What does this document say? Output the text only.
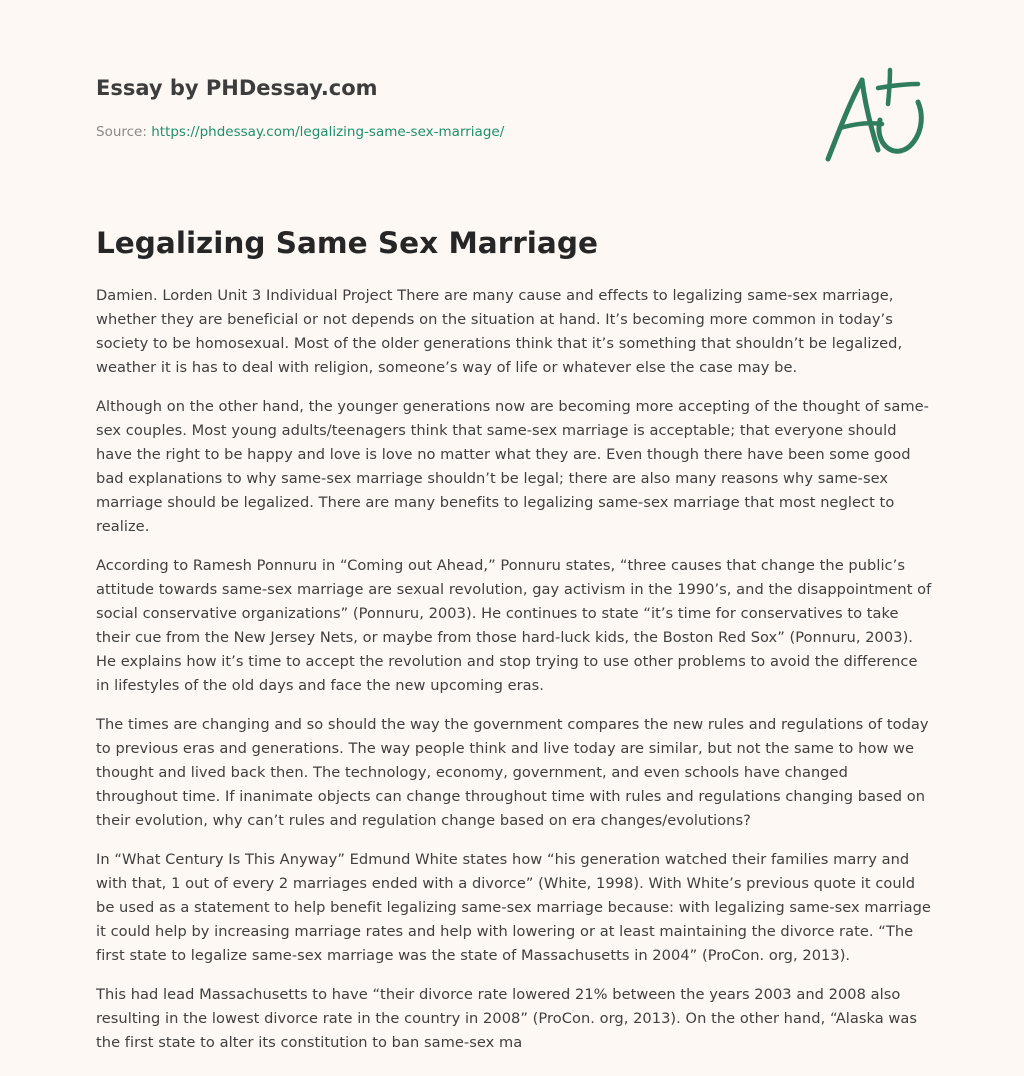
Essay by PHDessay.com
Source: https://phdessay.com/legalizing-same-sex-marriage/
Legalizing Same Sex Marriage

Damien. Lorden Unit 3 Individual Project There are many cause and effects to legalizing same-sex marriage, whether they are beneficial or not depends on the situation at hand. It’s becoming more common in today’s society to be homosexual. Most of the older generations think that it’s something that shouldn’t be legalized, weather it is has to deal with religion, someone’s way of life or whatever else the case may be.

Although on the other hand, the younger generations now are becoming more accepting of the thought of same-sex couples. Most young adults/teenagers think that same-sex marriage is acceptable; that everyone should have the right to be happy and love is love no matter what they are. Even though there have been some good bad explanations to why same-sex marriage shouldn’t be legal; there are also many reasons why same-sex marriage should be legalized. There are many benefits to legalizing same-sex marriage that most neglect to realize.

According to Ramesh Ponnuru in “Coming out Ahead,” Ponnuru states, “three causes that change the public’s attitude towards same-sex marriage are sexual revolution, gay activism in the 1990’s, and the disappointment of social conservative organizations” (Ponnuru, 2003). He continues to state “it’s time for conservatives to take their cue from the New Jersey Nets, or maybe from those hard-luck kids, the Boston Red Sox” (Ponnuru, 2003). He explains how it’s time to accept the revolution and stop trying to use other problems to avoid the difference in lifestyles of the old days and face the new upcoming eras.

The times are changing and so should the way the government compares the new rules and regulations of today to previous eras and generations. The way people think and live today are similar, but not the same to how we thought and lived back then. The technology, economy, government, and even schools have changed throughout time. If inanimate objects can change throughout time with rules and regulations changing based on their evolution, why can’t rules and regulation change based on era changes/evolutions?

In “What Century Is This Anyway” Edmund White states how “his generation watched their families marry and with that, 1 out of every 2 marriages ended with a divorce” (White, 1998). With White’s previous quote it could be used as a statement to help benefit legalizing same-sex marriage because: with legalizing same-sex marriage it could help by increasing marriage rates and help with lowering or at least maintaining the divorce rate. “The first state to legalize same-sex marriage was the state of Massachusetts in 2004” (ProCon. org, 2013).

This had lead Massachusetts to have “their divorce rate lowered 21% between the years 2003 and 2008 also resulting in the lowest divorce rate in the country in 2008” (ProCon. org, 2013). On the other hand, “Alaska was the first state to alter its constitution to ban same-sex ma
